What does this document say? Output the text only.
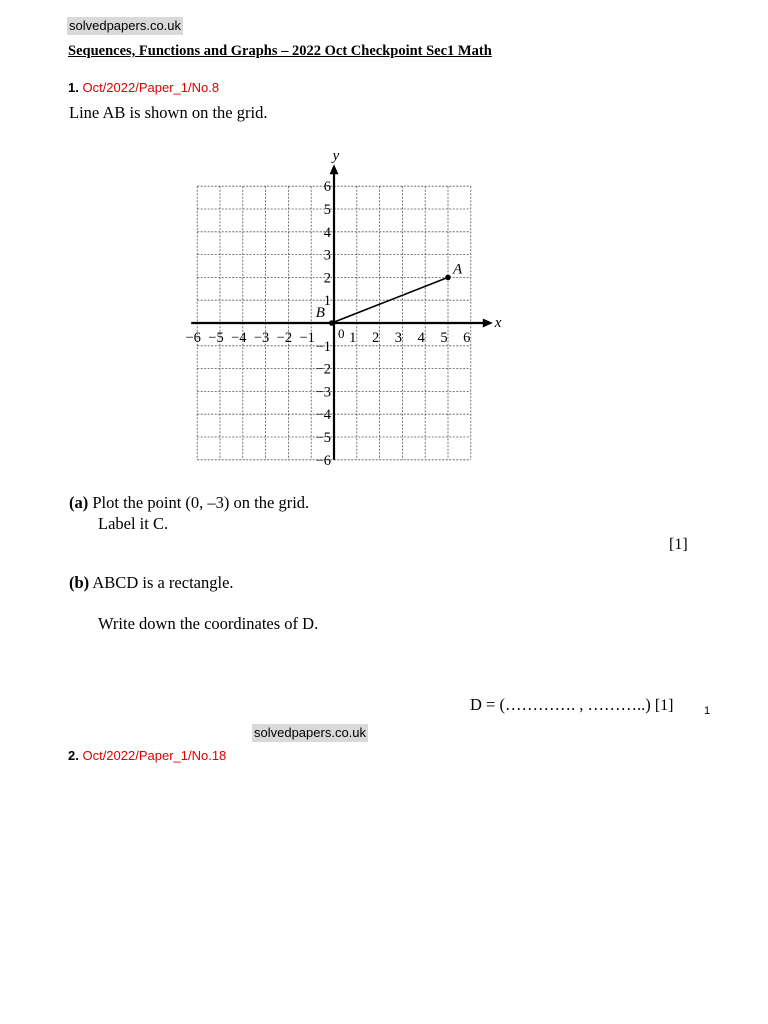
solvedpapers.co.uk
Sequences, Functions and Graphs – 2022 Oct Checkpoint Sec1 Math
1. Oct/2022/Paper_1/No.8
Line AB is shown on the grid.
x
y
−6 −5 −4 −3 −2 −1 1 2 3 4 5 6
6
5
4
3
2
1
−1
−2
−3
−4
−5
−6
0
A
B
(a) Plot the point (0, –3) on the grid.
Label it C.
[1]
(b) ABCD is a rectangle.
Write down the coordinates of D.
D = (…………. , ………..) [1]	1
solvedpapers.co.uk
2. Oct/2022/Paper_1/No.18
